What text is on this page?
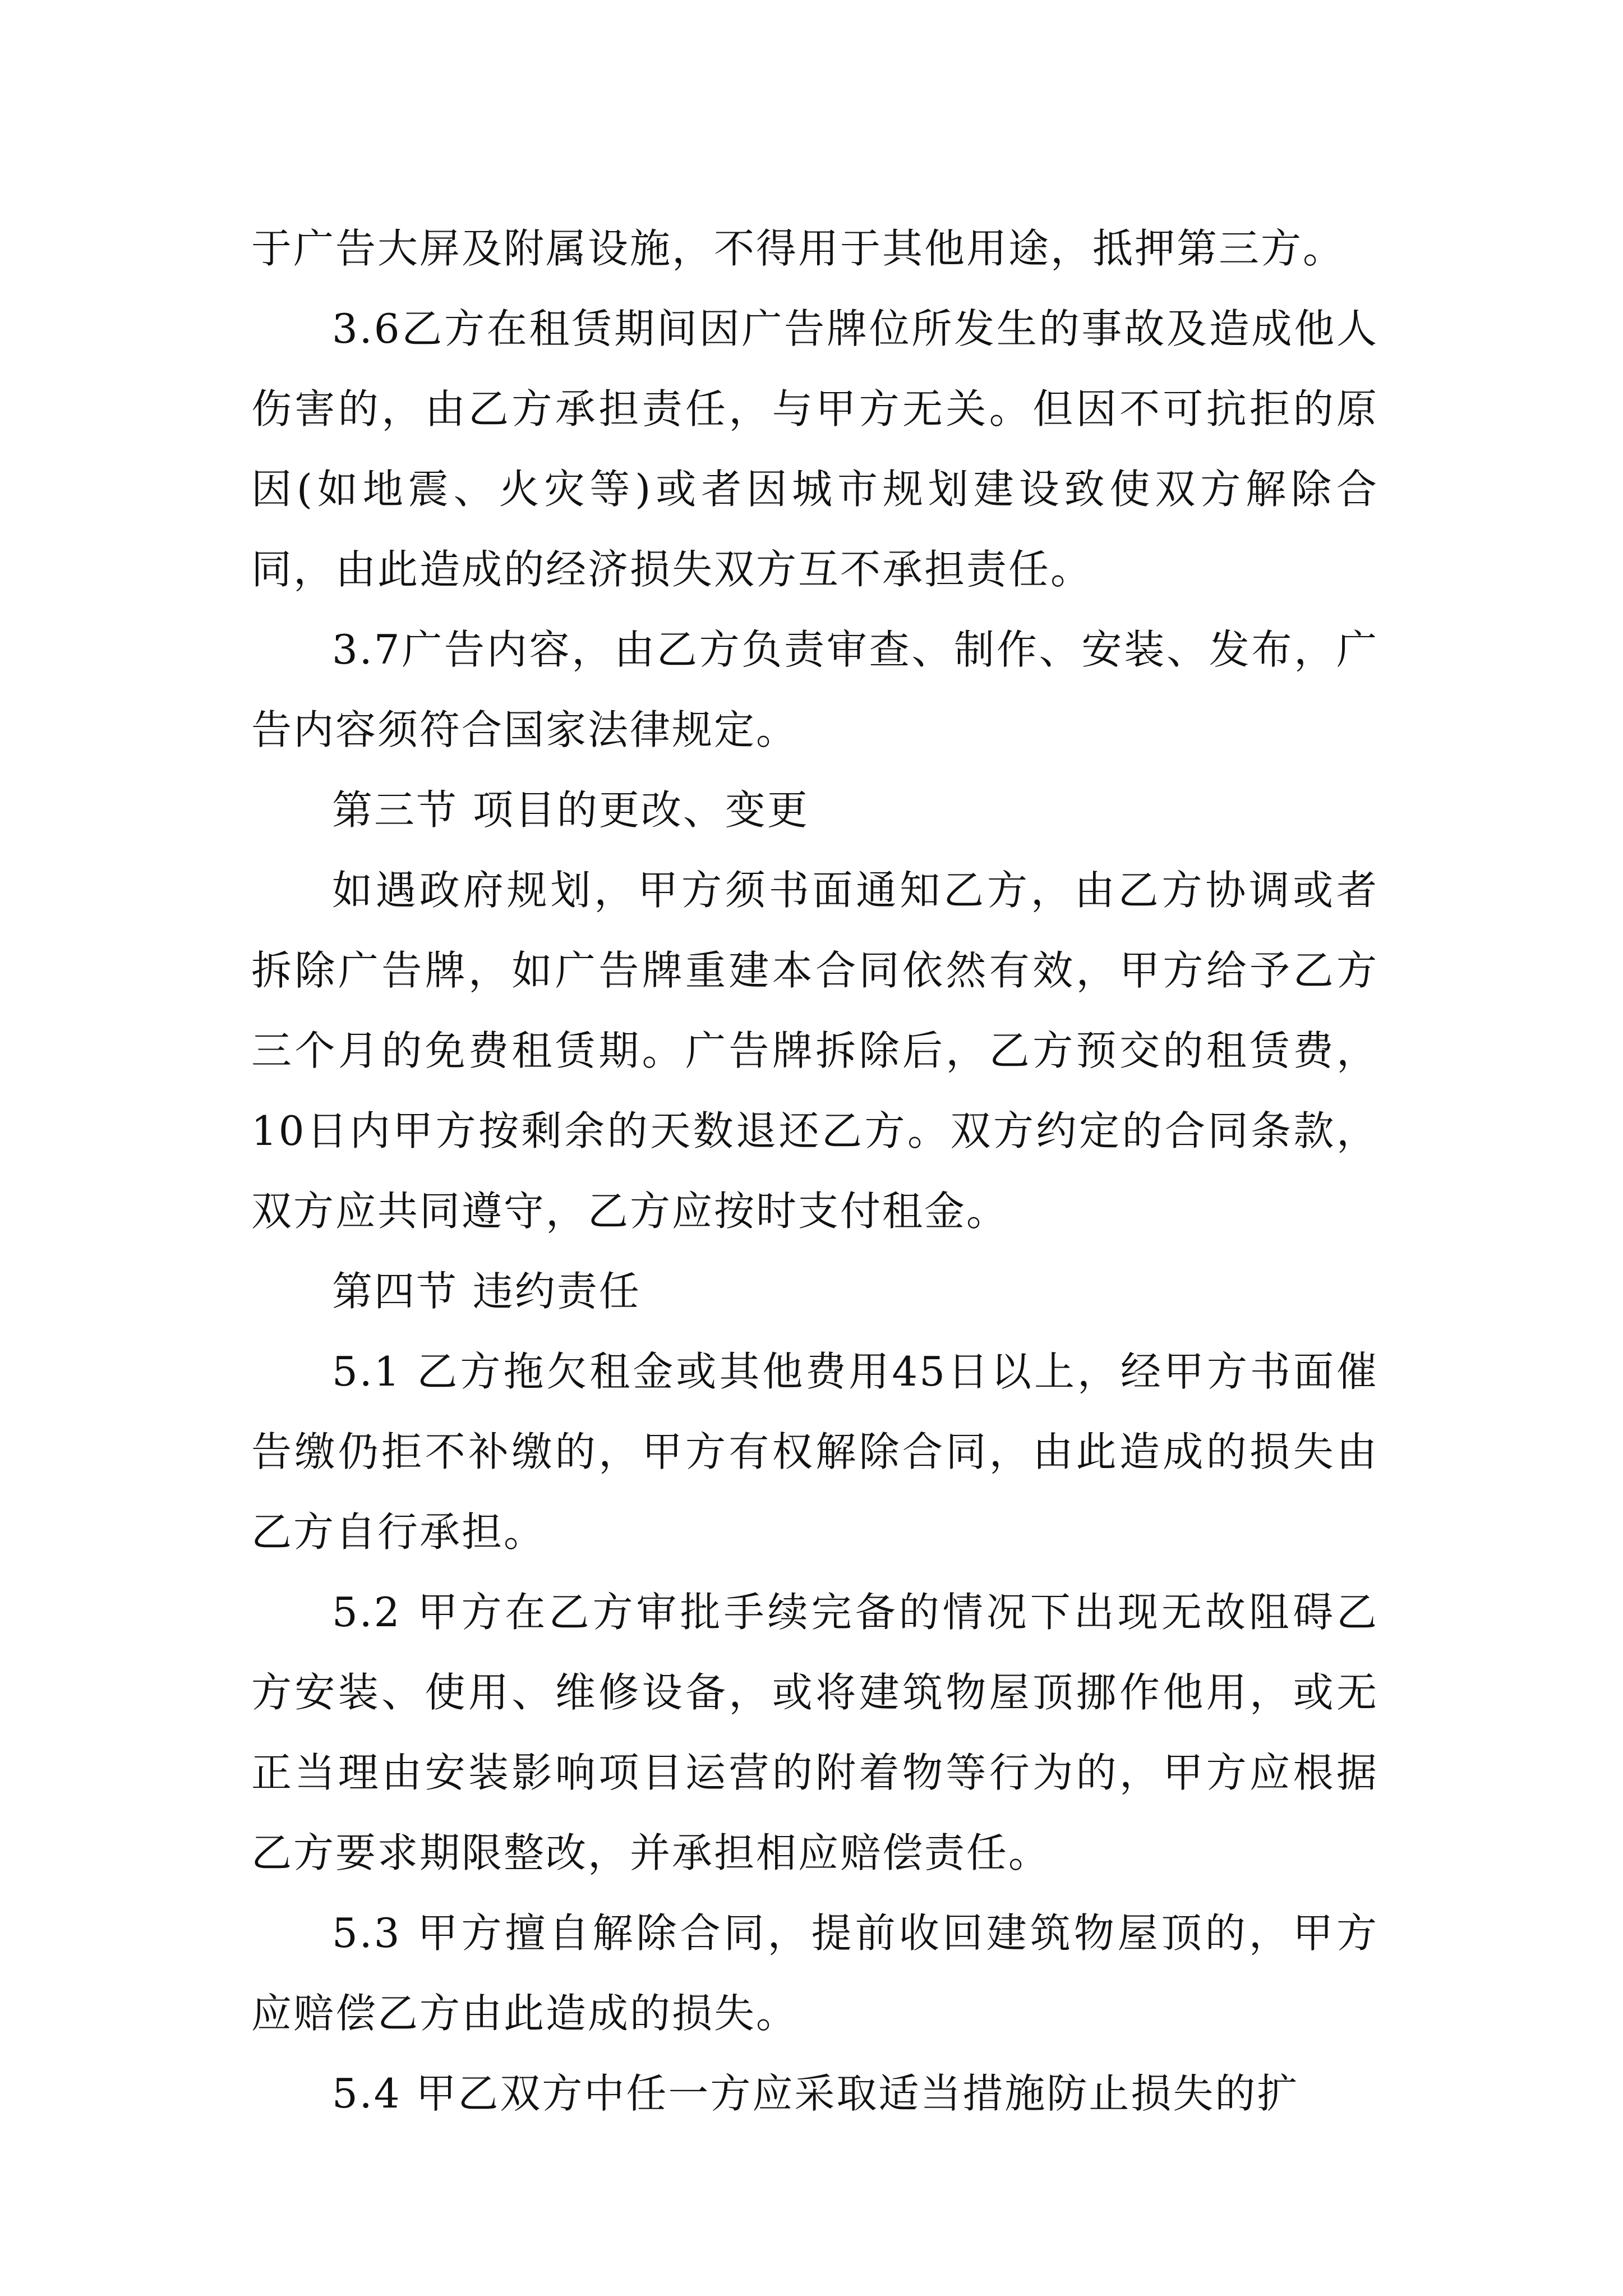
于广告大屏及附属设施，不得用于其他用途，抵押第三方。

3.6乙方在租赁期间因广告牌位所发生的事故及造成他人伤害的，由乙方承担责任，与甲方无关。但因不可抗拒的原因(如地震、火灾等)或者因城市规划建设致使双方解除合同，由此造成的经济损失双方互不承担责任。

3.7广告内容，由乙方负责审查、制作、安装、发布，广告内容须符合国家法律规定。

第三节 项目的更改、变更

如遇政府规划，甲方须书面通知乙方，由乙方协调或者拆除广告牌，如广告牌重建本合同依然有效，甲方给予乙方三个月的免费租赁期。广告牌拆除后，乙方预交的租赁费，10日内甲方按剩余的天数退还乙方。双方约定的合同条款，双方应共同遵守，乙方应按时支付租金。

第四节 违约责任

5.1 乙方拖欠租金或其他费用45日以上，经甲方书面催告缴仍拒不补缴的，甲方有权解除合同，由此造成的损失由乙方自行承担。

5.2 甲方在乙方审批手续完备的情况下出现无故阻碍乙方安装、使用、维修设备，或将建筑物屋顶挪作他用，或无正当理由安装影响项目运营的附着物等行为的，甲方应根据乙方要求期限整改，并承担相应赔偿责任。

5.3 甲方擅自解除合同，提前收回建筑物屋顶的，甲方应赔偿乙方由此造成的损失。

5.4 甲乙双方中任一方应采取适当措施防止损失的扩
